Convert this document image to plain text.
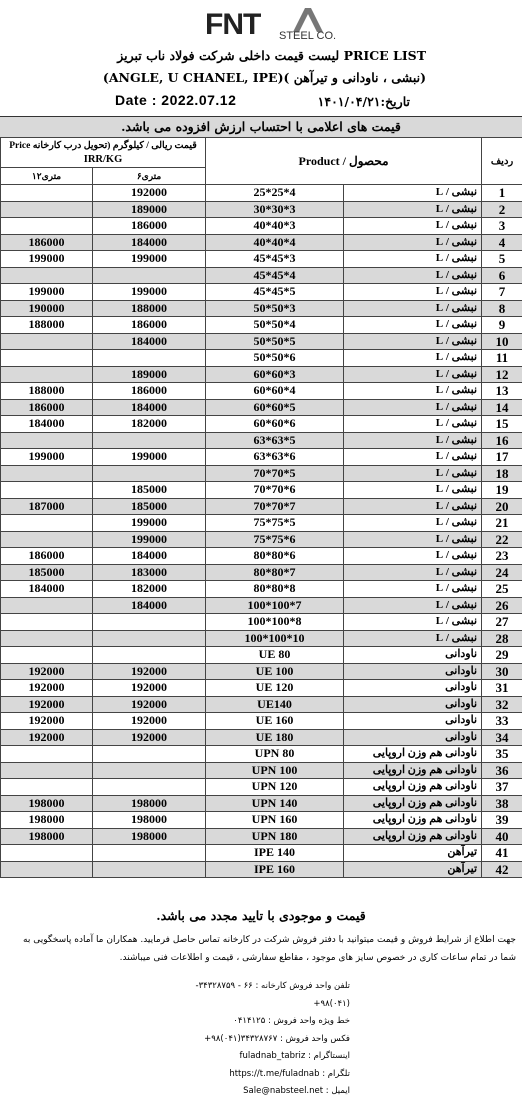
FNT STEEL CO.
لیست قیمت داخلی شرکت فولاد ناب تبریز PRICE LIST
(ANGLE, U CHANEL, IPE)( نبشی ، ناودانی و تیرآهن)
Date : 2022.07.12	تاریخ:۱۴۰۱/۰۴/۲۱
قیمت های اعلامی با احتساب ارزش افزوده می باشد.
قیمت ریالی / کیلوگرم (تحویل درب کارخانه Price
IRR/KG		Product / محصول		ردیف
۱۲متری	۶متری			
	192000	25*25*4	نبشی / L	1
	189000	30*30*3	نبشی / L	2
	186000	40*40*3	نبشی / L	3
186000	184000	40*40*4	نبشی / L	4
199000	199000	45*45*3	نبشی / L	5
		45*45*4	نبشی / L	6
199000	199000	45*45*5	نبشی / L	7
190000	188000	50*50*3	نبشی / L	8
188000	186000	50*50*4	نبشی / L	9
	184000	50*50*5	نبشی / L	10
		50*50*6	نبشی / L	11
	189000	60*60*3	نبشی / L	12
188000	186000	60*60*4	نبشی / L	13
186000	184000	60*60*5	نبشی / L	14
184000	182000	60*60*6	نبشی / L	15
		63*63*5	نبشی / L	16
199000	199000	63*63*6	نبشی / L	17
		70*70*5	نبشی / L	18
	185000	70*70*6	نبشی / L	19
187000	185000	70*70*7	نبشی / L	20
	199000	75*75*5	نبشی / L	21
	199000	75*75*6	نبشی / L	22
186000	184000	80*80*6	نبشی / L	23
185000	183000	80*80*7	نبشی / L	24
184000	182000	80*80*8	نبشی / L	25
	184000	100*100*7	نبشی / L	26
		100*100*8	نبشی / L	27
		100*100*10	نبشی / L	28
		UE 80	ناودانی	29
192000	192000	UE 100	ناودانی	30
192000	192000	UE 120	ناودانی	31
192000	192000	UE140	ناودانی	32
192000	192000	UE 160	ناودانی	33
192000	192000	UE 180	ناودانی	34
		UPN 80	ناودانی هم وزن اروپایی	35
		UPN 100	ناودانی هم وزن اروپایی	36
		UPN 120	ناودانی هم وزن اروپایی	37
198000	198000	UPN 140	ناودانی هم وزن اروپایی	38
198000	198000	UPN 160	ناودانی هم وزن اروپایی	39
198000	198000	UPN 180	ناودانی هم وزن اروپایی	40
		IPE 140	تیرآهن	41
		IPE 160	تیرآهن	42
قیمت و موجودی با تایید مجدد می باشد.
جهت اطلاع از شرایط فروش و قیمت میتوانید با دفتر فروش شرکت در کارخانه تماس حاصل فرمایید. همکاران ما آماده پاسخگویی به شما در تمام ساعات کاری در خصوص سایز های موجود ، مقاطع سفارشی ، قیمت و اطلاعات فنی میباشند.
تلفن واحد فروش کارخانه : ۶۶ - ۳۴۳۲۸۷۵۹-(۰۴۱)۹۸+
خط ویژه واحد فروش : ۰۴۱۴۱۲۵
فکس واحد فروش : ۳۴۳۲۸۷۶۷(۰۴۱)۹۸+
اینستاگرام : fuladnab_tabriz
تلگرام : https://t.me/fuladnab
ایمیل : Sale@nabsteel.net
